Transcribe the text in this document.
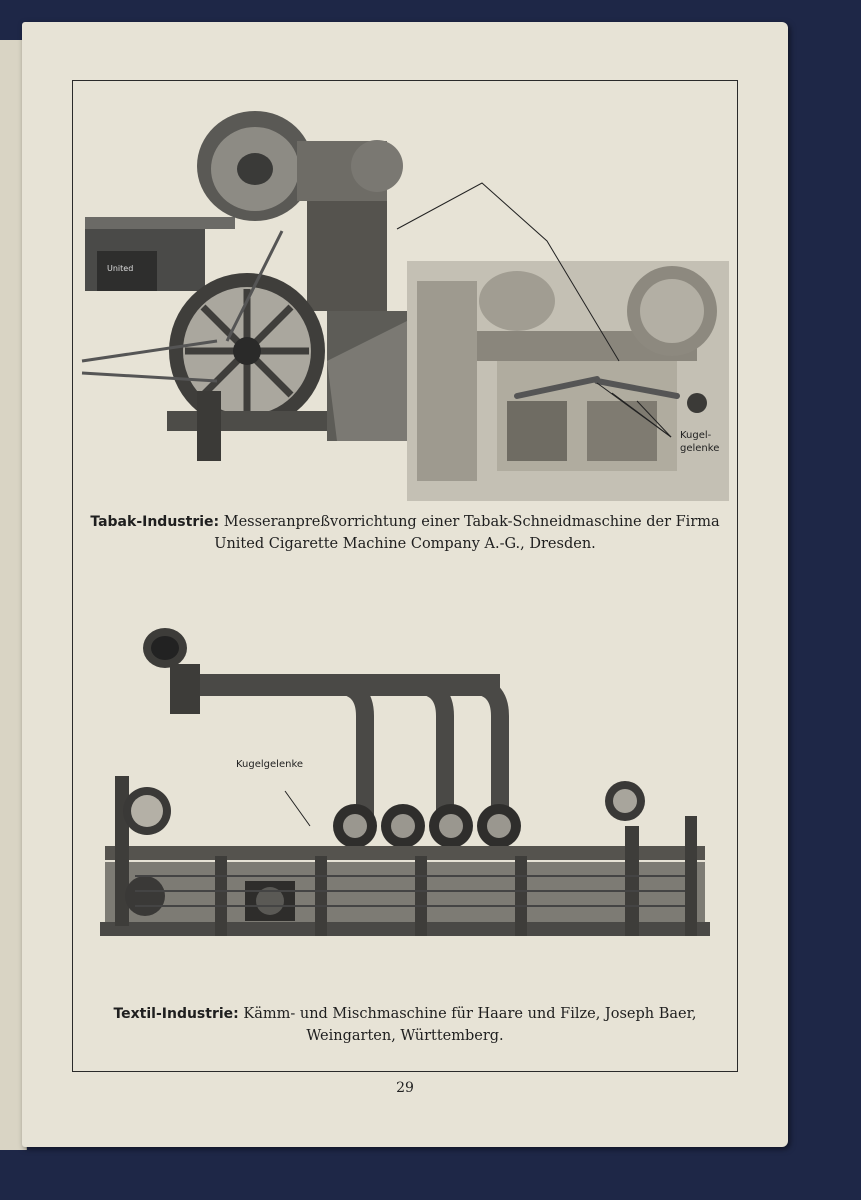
United
Kugel-
gelenke
Tabak-Industrie: Messeranpreßvorrichtung einer Tabak-Schneidmaschine der Firma United Cigarette Machine Company A.-G., Dresden.
Kugelgelenke
Textil-Industrie: Kämm- und Mischmaschine für Haare und Filze, Joseph Baer, Weingarten, Württemberg.
29
